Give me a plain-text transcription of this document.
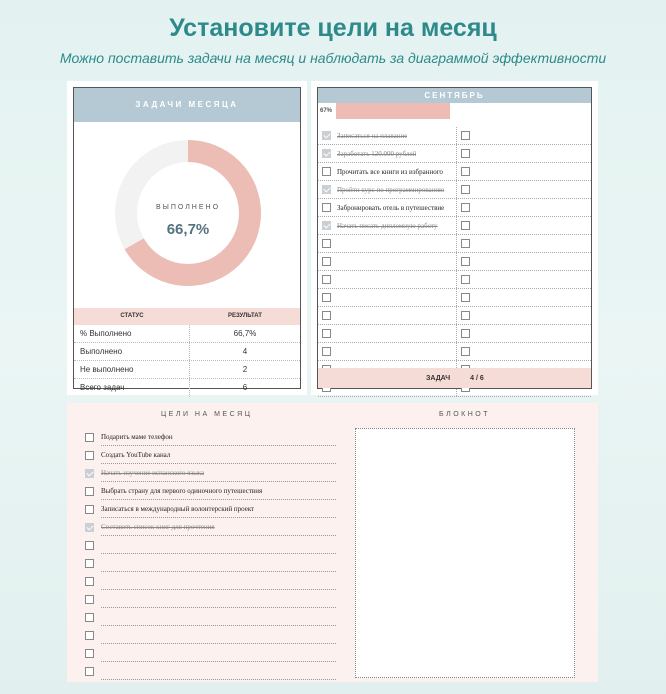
Установите цели на месяц
Можно поставить задачи на месяц и наблюдать за диаграммой эффективности
ЗАДАЧИ МЕСЯЦА
ВЫПОЛНЕНО
66,7%
СТАТУС	РЕЗУЛЬТАТ
% Выполнено	66,7%
Выполнено	4
Не выполнено	2
Всего задач	6
СЕНТЯБРЬ
67%
Записаться на плавание
Заработать 120.000 рублей
Прочитать все книги из избранного
Пройти курс по программированию
Забронировать отель в путешествие
Начать писать дипломную работу
ЗАДАЧ	4 / 6
ЦЕЛИ НА МЕСЯЦ	БЛОКНОТ
Подарить маме телефон
Создать YouTube канал
Начать изучение испанского языка
Выбрать страну для первого одиночного путешествия
Записаться в международный волонтерский проект
Составить список книг для прочтения
